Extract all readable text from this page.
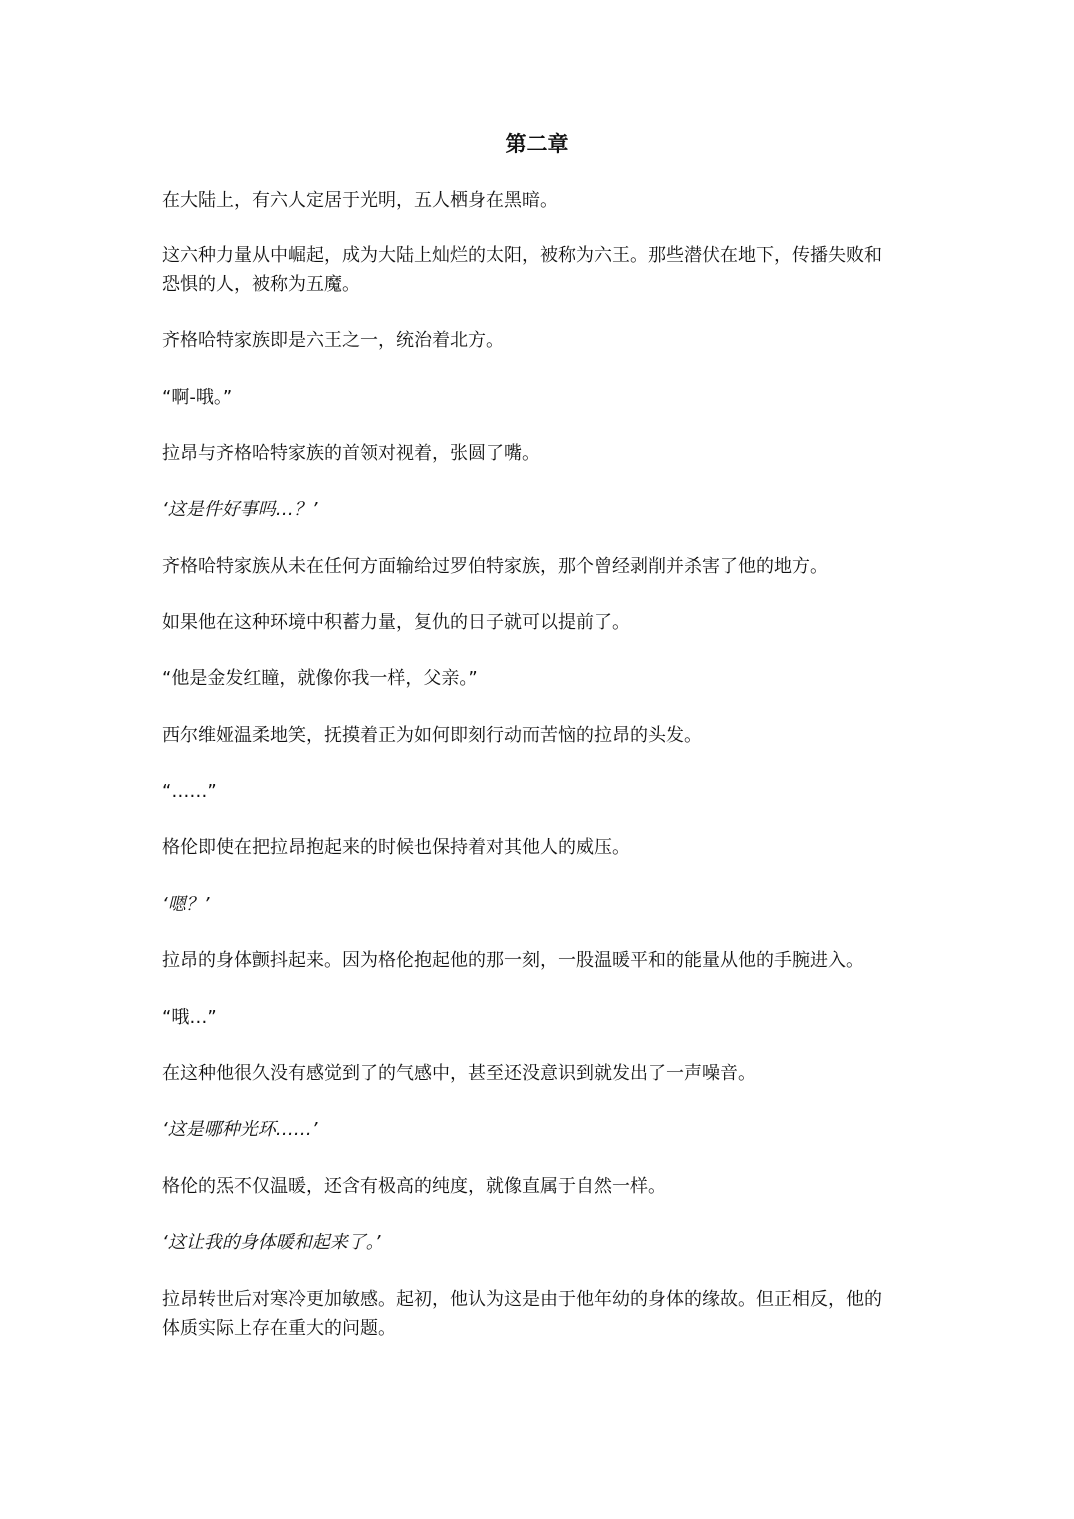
第二章

在大陆上，有六人定居于光明，五人栖身在黑暗。

这六种力量从中崛起，成为大陆上灿烂的太阳，被称为六王。那些潜伏在地下，传播失败和

恐惧的人，被称为五魔。

齐格哈特家族即是六王之一，统治着北方。

“啊-哦。”

拉昂与齐格哈特家族的首领对视着，张圆了嘴。

‘这是件好事吗…？’

齐格哈特家族从未在任何方面输给过罗伯特家族，那个曾经剥削并杀害了他的地方。

如果他在这种环境中积蓄力量，复仇的日子就可以提前了。

“他是金发红瞳，就像你我一样，父亲。”

西尔维娅温柔地笑，抚摸着正为如何即刻行动而苦恼的拉昂的头发。

“……”

格伦即使在把拉昂抱起来的时候也保持着对其他人的威压。

‘嗯？’

拉昂的身体颤抖起来。因为格伦抱起他的那一刻，一股温暖平和的能量从他的手腕进入。

“哦…”

在这种他很久没有感觉到了的气感中，甚至还没意识到就发出了一声噪音。

‘这是哪种光环……’

格伦的炁不仅温暖，还含有极高的纯度，就像直属于自然一样。

‘这让我的身体暖和起来了。’

拉昂转世后对寒冷更加敏感。起初，他认为这是由于他年幼的身体的缘故。但正相反，他的

体质实际上存在重大的问题。
